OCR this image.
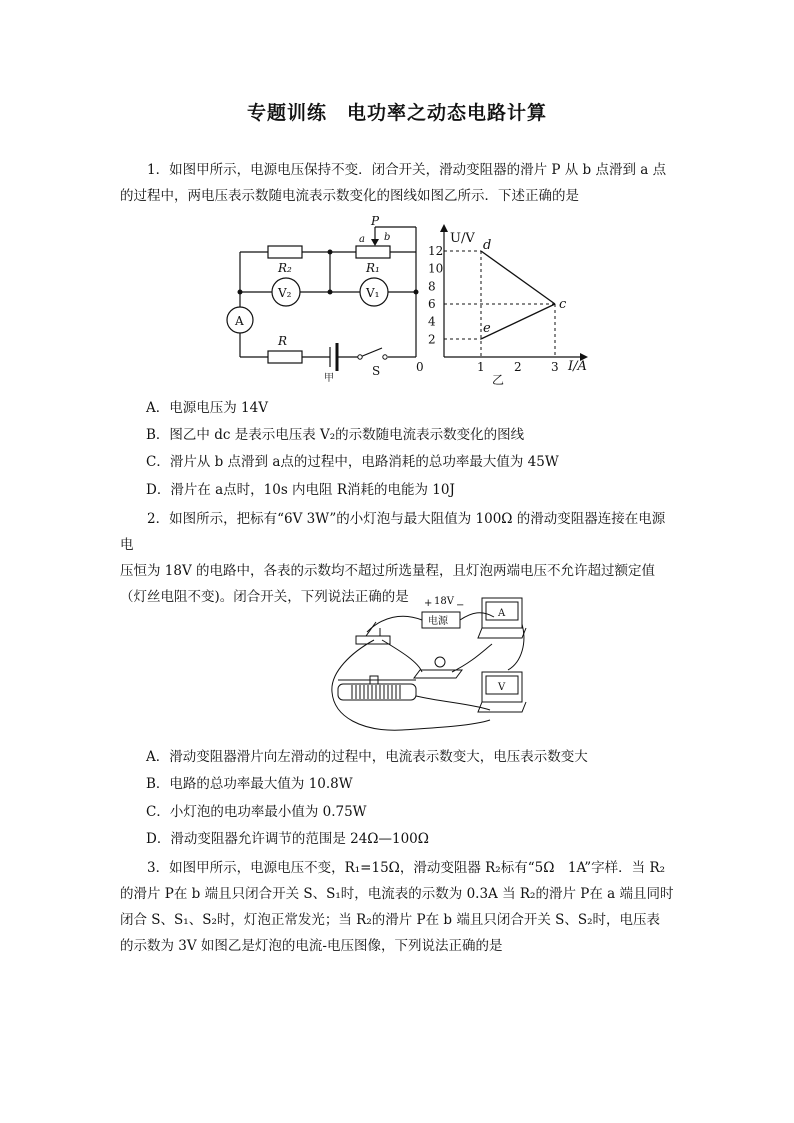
专题训练　电功率之动态电路计算
1．如图甲所示，电源电压保持不变．闭合开关，滑动变阻器的滑片 P 从 b 点滑到 a 点
的过程中，两电压表示数随电流表示数变化的图线如图乙所示．下述正确的是
P
a b
R₂	R₁
V₂	V₁
A
R
甲
S
2
4
6
8
10
12
1 2 3
U/V
I/A
d
c
e
乙
0
A．电源电压为 14V
B．图乙中 dc 是表示电压表 V₂的示数随电流表示数变化的图线
C．滑片从 b 点滑到 a点的过程中，电路消耗的总功率最大值为 45W
D．滑片在 a点时，10s 内电阻 R消耗的电能为 10J
2．如图所示，把标有“6V 3W”的小灯泡与最大阻值为 100Ω 的滑动变阻器连接在电源电
压恒为 18V 的电路中，各表的示数均不超过所选量程，且灯泡两端电压不允许超过额定值
（灯丝电阻不变)。闭合开关，下列说法正确的是	18V
+ −
电源
A
V
A．滑动变阻器滑片向左滑动的过程中，电流表示数变大，电压表示数变大
B．电路的总功率最大值为 10.8W
C．小灯泡的电功率最小值为 0.75W
D．滑动变阻器允许调节的范围是 24Ω—100Ω
3．如图甲所示，电源电压不变，R₁=15Ω，滑动变阻器 R₂标有“5Ω　1A”字样．当 R₂
的滑片 P在 b 端且只闭合开关 S、S₁时，电流表的示数为 0.3A 当 R₂的滑片 P在 a 端且同时
闭合 S、S₁、S₂时，灯泡正常发光；当 R₂的滑片 P在 b 端且只闭合开关 S、S₂时，电压表
的示数为 3V 如图乙是灯泡的电流-电压图像，下列说法正确的是
